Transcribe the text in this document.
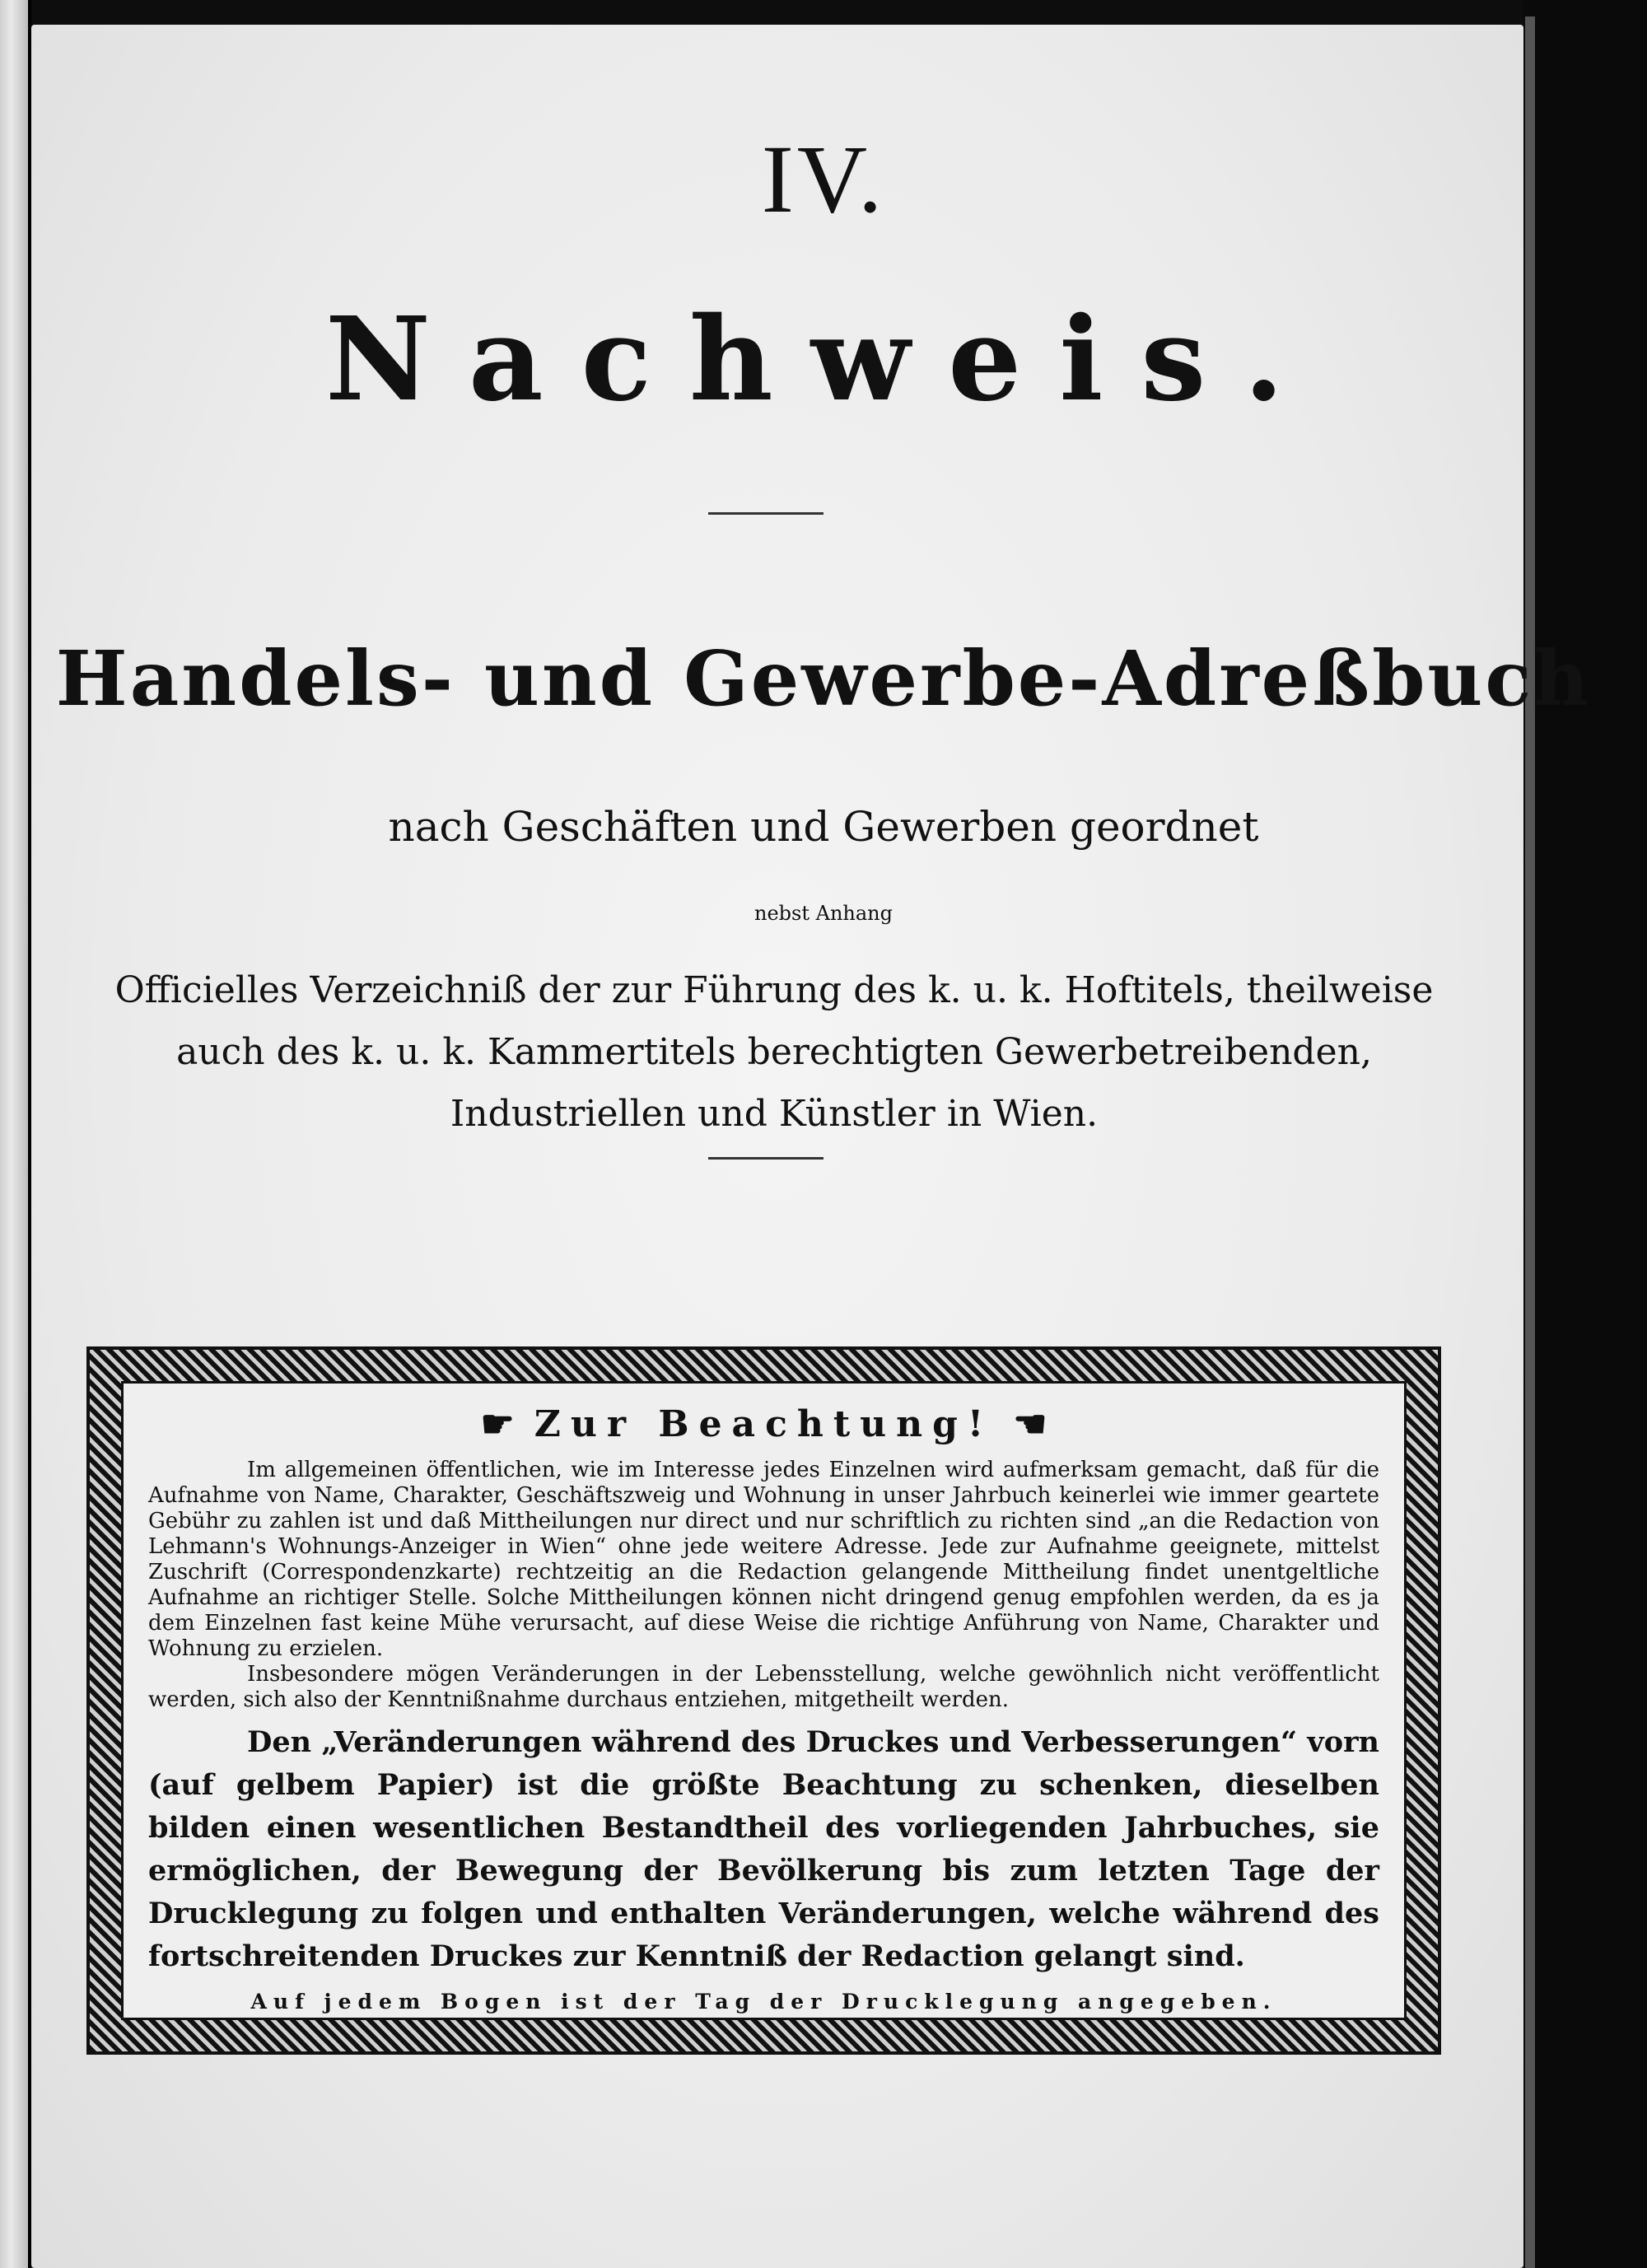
IV.
Nachweis.
Handels- und Gewerbe-Adreßbuch
nach Geschäften und Gewerben geordnet
nebst Anhang
Officielles Verzeichniß der zur Führung des k. u. k. Hoftitels, theilweise auch des k. u. k. Kammertitels berechtigten Gewerbetreibenden, Industriellen und Künstler in Wien.
☛ Zur Beachtung! ☚

Im allgemeinen öffentlichen, wie im Interesse jedes Einzelnen wird aufmerksam gemacht, daß für die Aufnahme von Name, Charakter, Geschäftszweig und Wohnung in unser Jahrbuch keinerlei wie immer geartete Gebühr zu zahlen ist und daß Mittheilungen nur direct und nur schriftlich zu richten sind „an die Redaction von Lehmann's Wohnungs-Anzeiger in Wien“ ohne jede weitere Adresse. Jede zur Aufnahme geeignete, mittelst Zuschrift (Correspondenzkarte) rechtzeitig an die Redaction gelangende Mittheilung findet unentgeltliche Aufnahme an richtiger Stelle. Solche Mittheilungen können nicht dringend genug empfohlen werden, da es ja dem Einzelnen fast keine Mühe verursacht, auf diese Weise die richtige Anführung von Name, Charakter und Wohnung zu erzielen.

Insbesondere mögen Veränderungen in der Lebensstellung, welche gewöhnlich nicht veröffentlicht werden, sich also der Kenntnißnahme durchaus entziehen, mitgetheilt werden.

Den „Veränderungen während des Druckes und Verbesserungen“ vorn (auf gelbem Papier) ist die größte Beachtung zu schenken, dieselben bilden einen wesentlichen Bestandtheil des vorliegenden Jahrbuches, sie ermöglichen, der Bewegung der Bevölkerung bis zum letzten Tage der Drucklegung zu folgen und enthalten Veränderungen, welche während des fortschreitenden Druckes zur Kenntniß der Redaction gelangt sind.

Auf jedem Bogen ist der Tag der Drucklegung angegeben.
